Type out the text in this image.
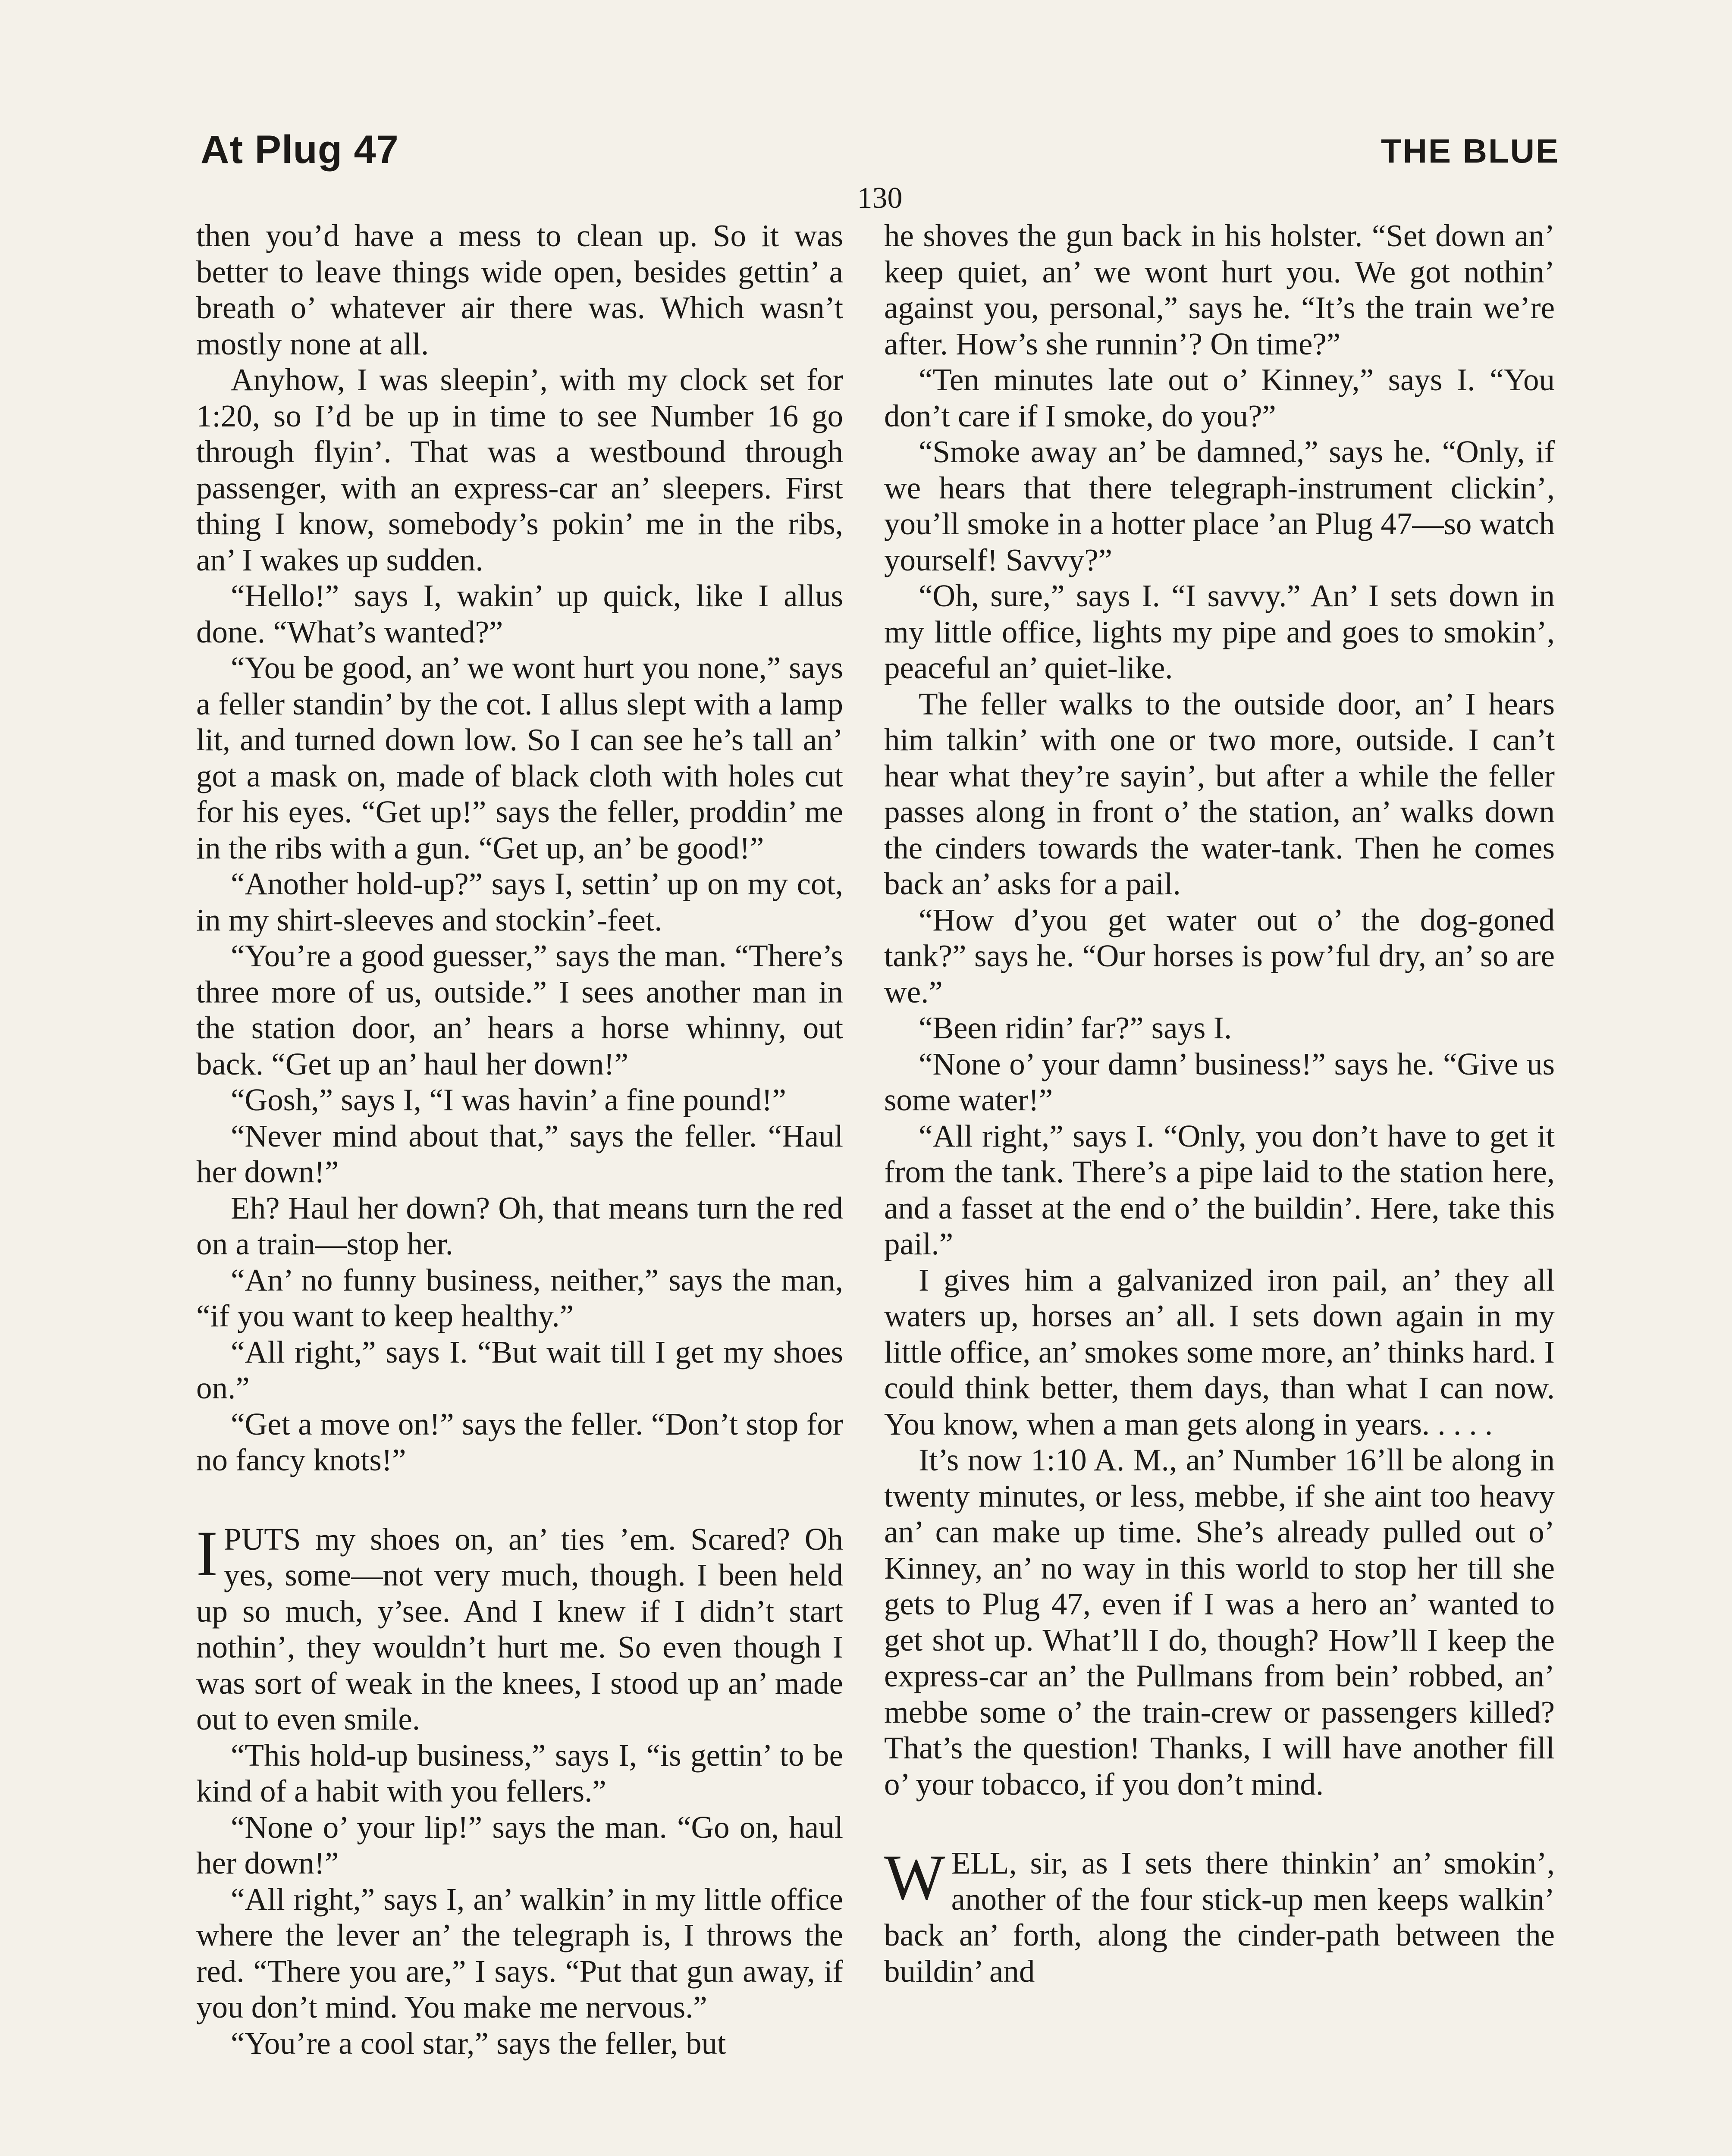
At Plug 47	THE BLUE
130

then you’d have a mess to clean up. So it was better to leave things wide open, besides gettin’ a breath o’ whatever air there was. Which wasn’t mostly none at all.

Anyhow, I was sleepin’, with my clock set for 1:20, so I’d be up in time to see Number 16 go through flyin’. That was a westbound through passenger, with an express-car an’ sleepers. First thing I know, somebody’s pokin’ me in the ribs, an’ I wakes up sudden.

“Hello!” says I, wakin’ up quick, like I allus done. “What’s wanted?”

“You be good, an’ we wont hurt you none,” says a feller standin’ by the cot. I allus slept with a lamp lit, and turned down low. So I can see he’s tall an’ got a mask on, made of black cloth with holes cut for his eyes. “Get up!” says the feller, proddin’ me in the ribs with a gun. “Get up, an’ be good!”

“Another hold-up?” says I, settin’ up on my cot, in my shirt-sleeves and stockin’-feet.

“You’re a good guesser,” says the man. “There’s three more of us, outside.” I sees another man in the station door, an’ hears a horse whinny, out back. “Get up an’ haul her down!”

“Gosh,” says I, “I was havin’ a fine pound!”

“Never mind about that,” says the feller. “Haul her down!”

Eh? Haul her down? Oh, that means turn the red on a train—stop her.

“An’ no funny business, neither,” says the man, “if you want to keep healthy.”

“All right,” says I. “But wait till I get my shoes on.”

“Get a move on!” says the feller. “Don’t stop for no fancy knots!”

IPUTS my shoes on, an’ ties ’em. Scared? Oh yes, some—not very much, though. I been held up so much, y’see. And I knew if I didn’t start nothin’, they wouldn’t hurt me. So even though I was sort of weak in the knees, I stood up an’ made out to even smile.

“This hold-up business,” says I, “is gettin’ to be kind of a habit with you fellers.”

“None o’ your lip!” says the man. “Go on, haul her down!”

“All right,” says I, an’ walkin’ in my little office where the lever an’ the telegraph is, I throws the red. “There you are,” I says. “Put that gun away, if you don’t mind. You make me nervous.”

“You’re a cool star,” says the feller, but

he shoves the gun back in his holster. “Set down an’ keep quiet, an’ we wont hurt you. We got nothin’ against you, personal,” says he. “It’s the train we’re after. How’s she runnin’? On time?”

“Ten minutes late out o’ Kinney,” says I. “You don’t care if I smoke, do you?”

“Smoke away an’ be damned,” says he. “Only, if we hears that there telegraph-instrument clickin’, you’ll smoke in a hotter place ’an Plug 47—so watch yourself! Savvy?”

“Oh, sure,” says I. “I savvy.” An’ I sets down in my little office, lights my pipe and goes to smokin’, peaceful an’ quiet-like.

The feller walks to the outside door, an’ I hears him talkin’ with one or two more, outside. I can’t hear what they’re sayin’, but after a while the feller passes along in front o’ the station, an’ walks down the cinders towards the water-tank. Then he comes back an’ asks for a pail.

“How d’you get water out o’ the dog-goned tank?” says he. “Our horses is pow’ful dry, an’ so are we.”

“Been ridin’ far?” says I.

“None o’ your damn’ business!” says he. “Give us some water!”

“All right,” says I. “Only, you don’t have to get it from the tank. There’s a pipe laid to the station here, and a fasset at the end o’ the buildin’. Here, take this pail.”

I gives him a galvanized iron pail, an’ they all waters up, horses an’ all. I sets down again in my little office, an’ smokes some more, an’ thinks hard. I could think better, them days, than what I can now. You know, when a man gets along in years. . . . .

It’s now 1:10 A. M., an’ Number 16’ll be along in twenty minutes, or less, mebbe, if she aint too heavy an’ can make up time. She’s already pulled out o’ Kinney, an’ no way in this world to stop her till she gets to Plug 47, even if I was a hero an’ wanted to get shot up. What’ll I do, though? How’ll I keep the express-car an’ the Pullmans from bein’ robbed, an’ mebbe some o’ the train-crew or passengers killed? That’s the question! Thanks, I will have another fill o’ your tobacco, if you don’t mind.

WELL, sir, as I sets there thinkin’ an’ smokin’, another of the four stick-up men keeps walkin’ back an’ forth, along the cinder-path between the buildin’ and
